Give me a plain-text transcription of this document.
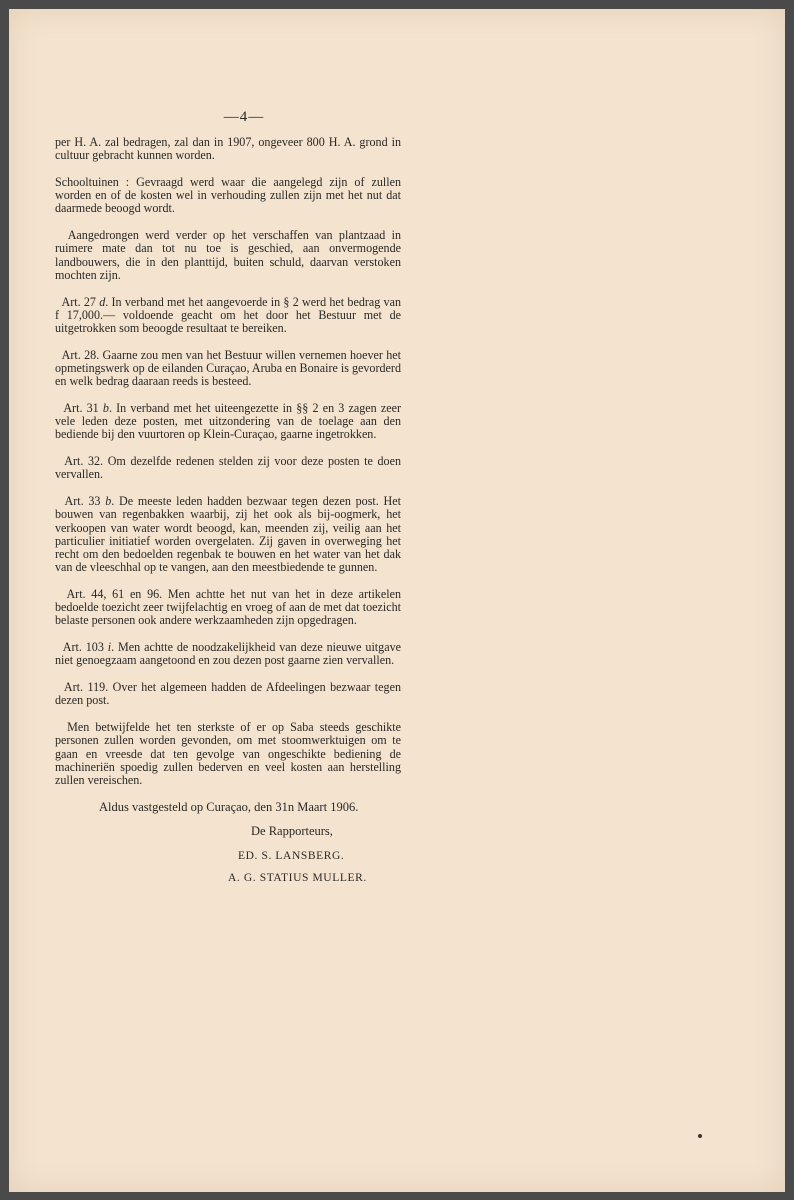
—4—

per H. A. zal bedragen, zal dan in 1907, ongeveer 800 H. A. grond in cultuur gebracht kunnen worden.

Schooltuinen : Gevraagd werd waar die aangelegd zijn of zullen worden en of de kosten wel in verhouding zullen zijn met het nut dat daarmede beoogd wordt.

Aangedrongen werd verder op het verschaffen van plantzaad in ruimere mate dan tot nu toe is geschied, aan onvermogende landbouwers, die in den planttijd, buiten schuld, daarvan verstoken mochten zijn.

Art. 27 d. In verband met het aangevoerde in § 2 werd het bedrag van f 17,000.— voldoende geacht om het door het Bestuur met de uitgetrokken som beoogde resultaat te bereiken.

Art. 28. Gaarne zou men van het Bestuur willen vernemen hoever het opmetingswerk op de eilanden Curaçao, Aruba en Bonaire is gevorderd en welk bedrag daaraan reeds is besteed.

Art. 31 b. In verband met het uiteengezette in §§ 2 en 3 zagen zeer vele leden deze posten, met uitzondering van de toelage aan den bediende bij den vuurtoren op Klein-Curaçao, gaarne ingetrokken.

Art. 32. Om dezelfde redenen stelden zij voor deze posten te doen vervallen.

Art. 33 b. De meeste leden hadden bezwaar tegen dezen post. Het bouwen van regenbakken waarbij, zij het ook als bij-oogmerk, het verkoopen van water wordt beoogd, kan, meenden zij, veilig aan het particulier initiatief worden overgelaten. Zij gaven in overweging het recht om den bedoelden regenbak te bouwen en het water van het dak van de vleeschhal op te vangen, aan den meestbiedende te gunnen.

Art. 44, 61 en 96. Men achtte het nut van het in deze artikelen bedoelde toezicht zeer twijfelachtig en vroeg of aan de met dat toezicht belaste personen ook andere werkzaamheden zijn opgedragen.

Art. 103 i. Men achtte de noodzakelijkheid van deze nieuwe uitgave niet genoegzaam aangetoond en zou dezen post gaarne zien vervallen.

Art. 119. Over het algemeen hadden de Afdeelingen bezwaar tegen dezen post.

Men betwijfelde het ten sterkste of er op Saba steeds geschikte personen zullen worden gevonden, om met stoomwerktuigen om te gaan en vreesde dat ten gevolge van ongeschikte bediening de machineriën spoedig zullen bederven en veel kosten aan herstelling zullen vereischen.

Aldus vastgesteld op Curaçao, den 31n Maart 1906.
De Rapporteurs,
ED. S. LANSBERG.
A. G. STATIUS MULLER.
